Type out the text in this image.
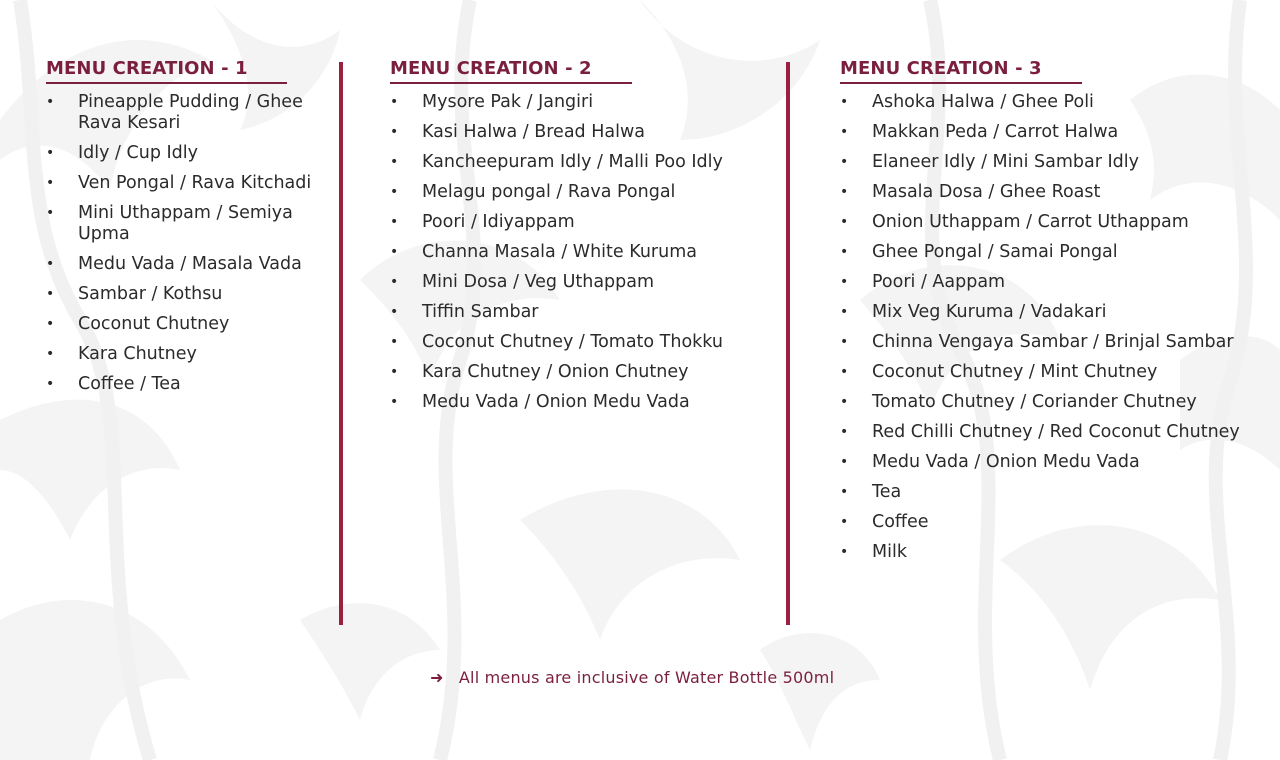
MENU CREATION - 1
• Pineapple Pudding / Ghee Rava Kesari
• Idly / Cup Idly
• Ven Pongal / Rava Kitchadi
• Mini Uthappam / Semiya Upma
• Medu Vada / Masala Vada
• Sambar / Kothsu
• Coconut Chutney
• Kara Chutney
• Coffee / Tea
MENU CREATION - 2
• Mysore Pak / Jangiri
• Kasi Halwa / Bread Halwa
• Kancheepuram Idly / Malli Poo Idly
• Melagu pongal / Rava Pongal
• Poori / Idiyappam
• Channa Masala / White Kuruma
• Mini Dosa / Veg Uthappam
• Tiffin Sambar
• Coconut Chutney / Tomato Thokku
• Kara Chutney / Onion Chutney
• Medu Vada / Onion Medu Vada
MENU CREATION - 3
• Ashoka Halwa / Ghee Poli
• Makkan Peda / Carrot Halwa
• Elaneer Idly / Mini Sambar Idly
• Masala Dosa / Ghee Roast
• Onion Uthappam / Carrot Uthappam
• Ghee Pongal / Samai Pongal
• Poori / Aappam
• Mix Veg Kuruma / Vadakari
• Chinna Vengaya Sambar / Brinjal Sambar
• Coconut Chutney / Mint Chutney
• Tomato Chutney / Coriander Chutney
• Red Chilli Chutney / Red Coconut Chutney
• Medu Vada / Onion Medu Vada
• Tea
• Coffee
• Milk
➜ All menus are inclusive of Water Bottle 500ml
